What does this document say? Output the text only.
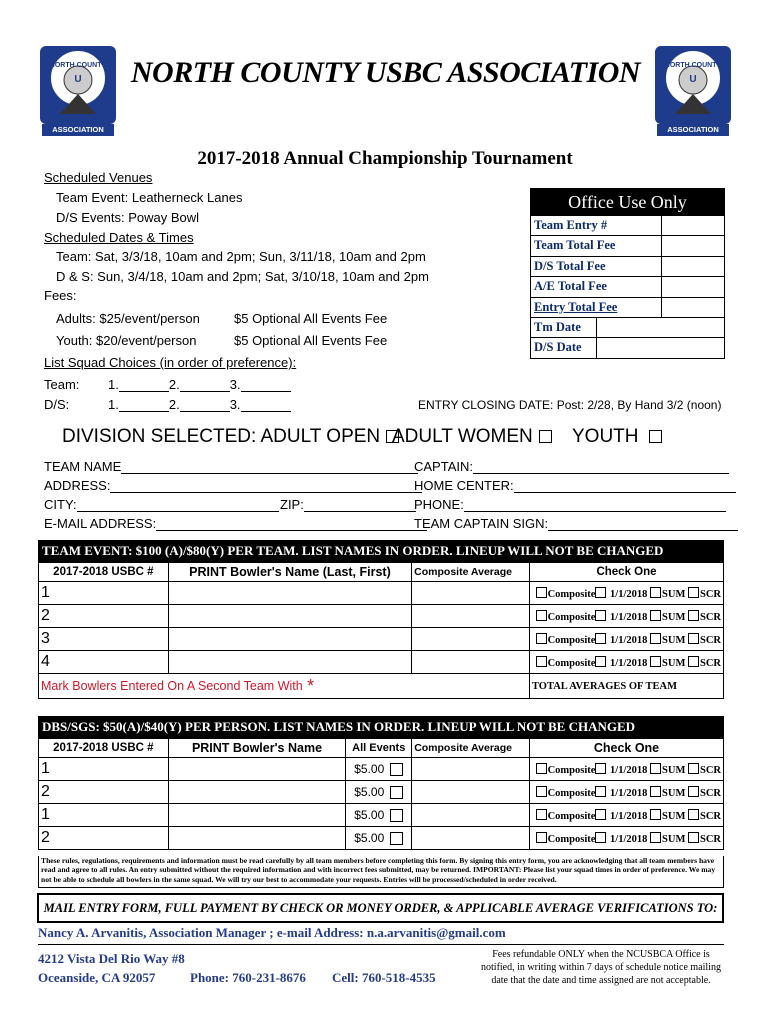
NORTH COUNTY
U
ASSOCIATION
NORTH COUNTY
U
ASSOCIATION
NORTH COUNTY USBC ASSOCIATION
2017-2018 Annual Championship Tournament
Scheduled Venues
Team Event: Leatherneck Lanes
D/S Events: Poway Bowl
Scheduled Dates & Times
Team: Sat, 3/3/18, 10am and 2pm; Sun, 3/11/18, 10am and 2pm
D & S: Sun, 3/4/18, 10am and 2pm; Sat, 3/10/18, 10am and 2pm
Fees:
Adults: $25/event/person	$5 Optional All Events Fee
Youth: $20/event/person	$5 Optional All Events Fee
List Squad Choices (in order of preference):
Team: 1.	2.	3.
D/S:	1.	2.	3.	ENTRY CLOSING DATE: Post: 2/28, By Hand 3/2 (noon)
Office Use Only
Team Entry #
Team Total Fee
D/S Total Fee
A/E Total Fee
Entry Total Fee
Tm Date
D/S Date
DIVISION SELECTED: ADULT OPEN ADULT WOMEN	YOUTH
TEAM NAME
ADDRESS:
CITY:	ZIP:
E-MAIL ADDRESS:
CAPTAIN:
HOME CENTER:
PHONE:
TEAM CAPTAIN SIGN:
TEAM EVENT: $100 (A)/$80(Y) PER TEAM. LIST NAMES IN ORDER. LINEUP WILL NOT BE CHANGED
2017-2018 USBC #	PRINT Bowler's Name (Last, First)	Composite Average	Check One
1			Composite 1/1/2018 SUM SCR
2			Composite 1/1/2018 SUM SCR
3			Composite 1/1/2018 SUM SCR
4			Composite 1/1/2018 SUM SCR
Mark Bowlers Entered On A Second Team With *			TOTAL AVERAGES OF TEAM
DBS/SGS: $50(A)/$40(Y) PER PERSON. LIST NAMES IN ORDER. LINEUP WILL NOT BE CHANGED
2017-2018 USBC #	PRINT Bowler's Name	All Events	Composite Average	Check One
1		$5.00		Composite 1/1/2018 SUM SCR
2		$5.00		Composite 1/1/2018 SUM SCR
1		$5.00		Composite 1/1/2018 SUM SCR
2		$5.00		Composite 1/1/2018 SUM SCR
These rules, regulations, requirements and information must be read carefully by all team members before completing this form. By signing this entry form, you are acknowledging that all team members have read and agree to all rules. An entry submitted without the required information and with incorrect fees submitted, may be returned. IMPORTANT: Please list your squad times in order of preference. We may not be able to schedule all bowlers in the same squad. We will try our best to accommodate your requests. Entries will be processed/scheduled in order received.
MAIL ENTRY FORM, FULL PAYMENT BY CHECK OR MONEY ORDER, & APPLICABLE AVERAGE VERIFICATIONS TO:
Nancy A. Arvanitis, Association Manager ; e-mail Address: n.a.arvanitis@gmail.com
4212 Vista Del Rio Way #8
Oceanside, CA 92057	Phone: 760-231-8676 Cell: 760-518-4535
Fees refundable ONLY when the NCUSBCA Office is notified, in writing within 7 days of schedule notice mailing date that the date and time assigned are not acceptable.
